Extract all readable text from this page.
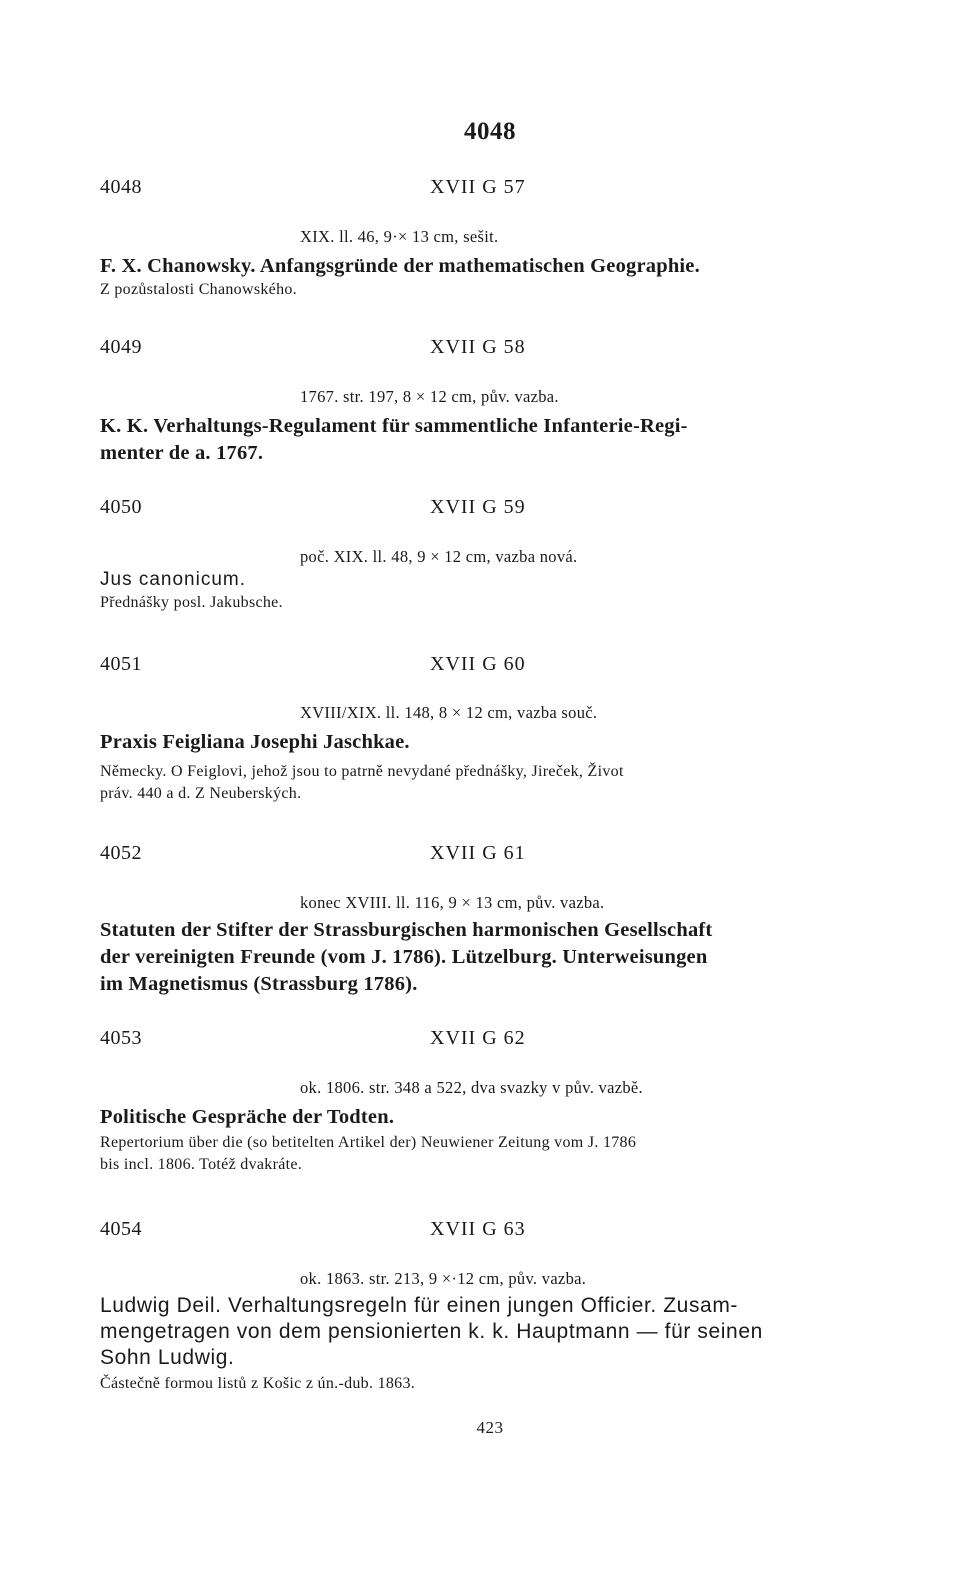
4048
4048	XVII G 57
XIX. ll. 46, 9·× 13 cm, sešit.
F. X. Chanowsky. Anfangsgründe der mathematischen Geographie.
Z pozůstalosti Chanowského.
4049	XVII G 58
1767. str. 197, 8 × 12 cm, pův. vazba.
K. K. Verhaltungs-Regulament für sammentliche Infanterie-Regi-
menter de a. 1767.
4050	XVII G 59
poč. XIX. ll. 48, 9 × 12 cm, vazba nová.
Jus canonicum.
Přednášky posl. Jakubsche.
4051	XVII G 60
XVIII/XIX. ll. 148, 8 × 12 cm, vazba souč.
Praxis Feigliana Josephi Jaschkae.
Německy. O Feiglovi, jehož jsou to patrně nevydané přednášky, Jireček, Život
práv. 440 a d. Z Neuberských.
4052	XVII G 61
konec XVIII. ll. 116, 9 × 13 cm, pův. vazba.
Statuten der Stifter der Strassburgischen harmonischen Gesellschaft
der vereinigten Freunde (vom J. 1786). Lützelburg. Unterweisungen
im Magnetismus (Strassburg 1786).
4053	XVII G 62
ok. 1806. str. 348 a 522, dva svazky v pův. vazbě.
Politische Gespräche der Todten.
Repertorium über die (so betitelten Artikel der) Neuwiener Zeitung vom J. 1786
bis incl. 1806. Totéž dvakráte.
4054	XVII G 63
ok. 1863. str. 213, 9 ×·12 cm, pův. vazba.
Ludwig Deil. Verhaltungsregeln für einen jungen Officier. Zusam-
mengetragen von dem pensionierten k. k. Hauptmann — für seinen
Sohn Ludwig.
Částečně formou listů z Košic z ún.-dub. 1863.
423
